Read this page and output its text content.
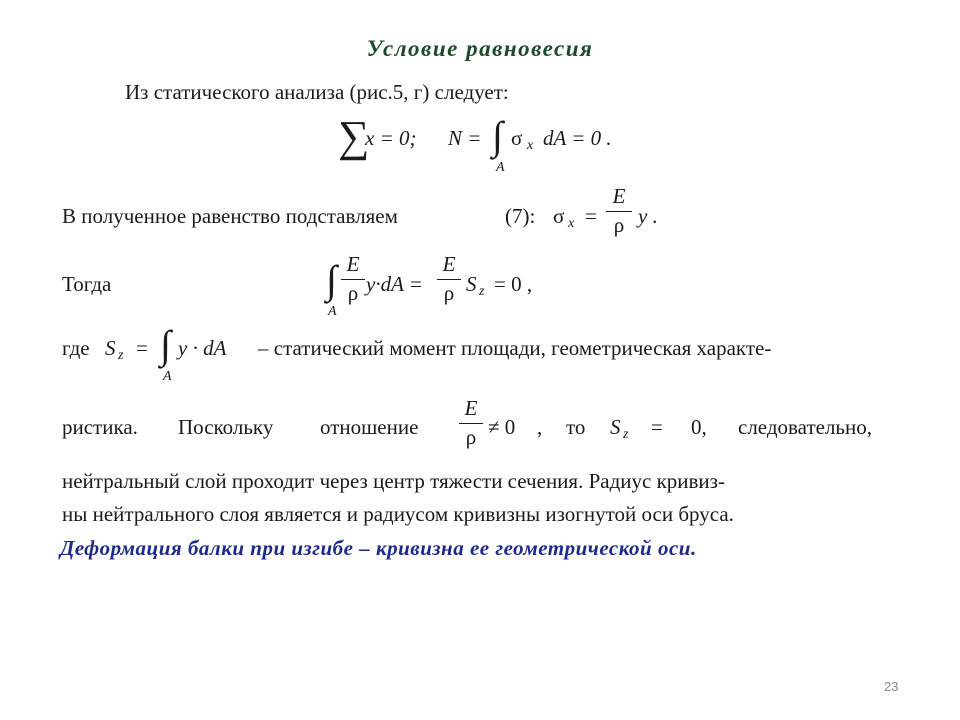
Условие равновесия
Из статического анализа (рис.5, г) следует:
∑
x = 0; N = ∫
A
σ x dA = 0 .
В полученное равенство подставляем	(7): σ x =
E
ρ y .
Тогда	∫
A
E
ρ y·dA =
E
ρ S z = 0 ,
где S z = ∫
A
y · dA – статический момент площади, геометрическая характе-
ристика. Поскольку отношение
E
ρ ≠ 0 , то S z = 0, следовательно,
нейтральный слой проходит через центр тяжести сечения. Радиус кривиз-
ны нейтрального слоя является и радиусом кривизны изогнутой оси бруса.
Деформация балки при изгибе – кривизна ее геометрической оси.
23
